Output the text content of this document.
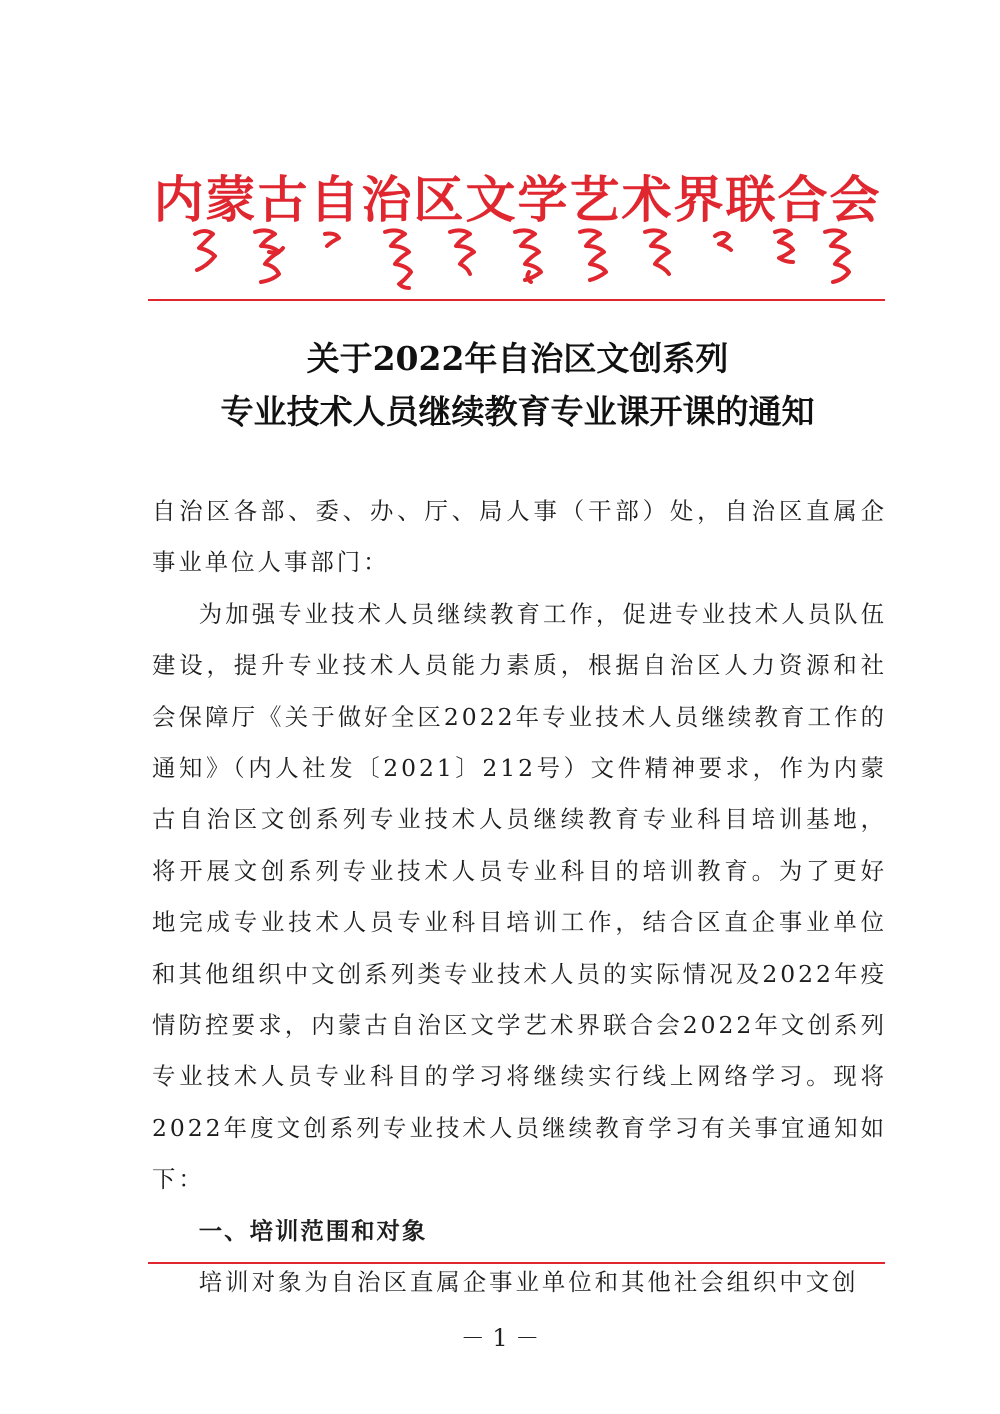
内蒙古自治区文学艺术界联合会
关于2022年自治区文创系列
专业技术人员继续教育专业课开课的通知

自治区各部、委、办、厅、局人事（干部）处，自治区直属企事业单位人事部门：

为加强专业技术人员继续教育工作，促进专业技术人员队伍建设，提升专业技术人员能力素质，根据自治区人力资源和社会保障厅《关于做好全区2022年专业技术人员继续教育工作的通知》（内人社发〔2021〕212号）文件精神要求，作为内蒙古自治区文创系列专业技术人员继续教育专业科目培训基地，将开展文创系列专业技术人员专业科目的培训教育。为了更好地完成专业技术人员专业科目培训工作，结合区直企事业单位和其他组织中文创系列类专业技术人员的实际情况及2022年疫情防控要求，内蒙古自治区文学艺术界联合会2022年文创系列专业技术人员专业科目的学习将继续实行线上网络学习。现将2022年度文创系列专业技术人员继续教育学习有关事宜通知如下：

一、培训范围和对象

培训对象为自治区直属企事业单位和其他社会组织中文创

－ 1 －
